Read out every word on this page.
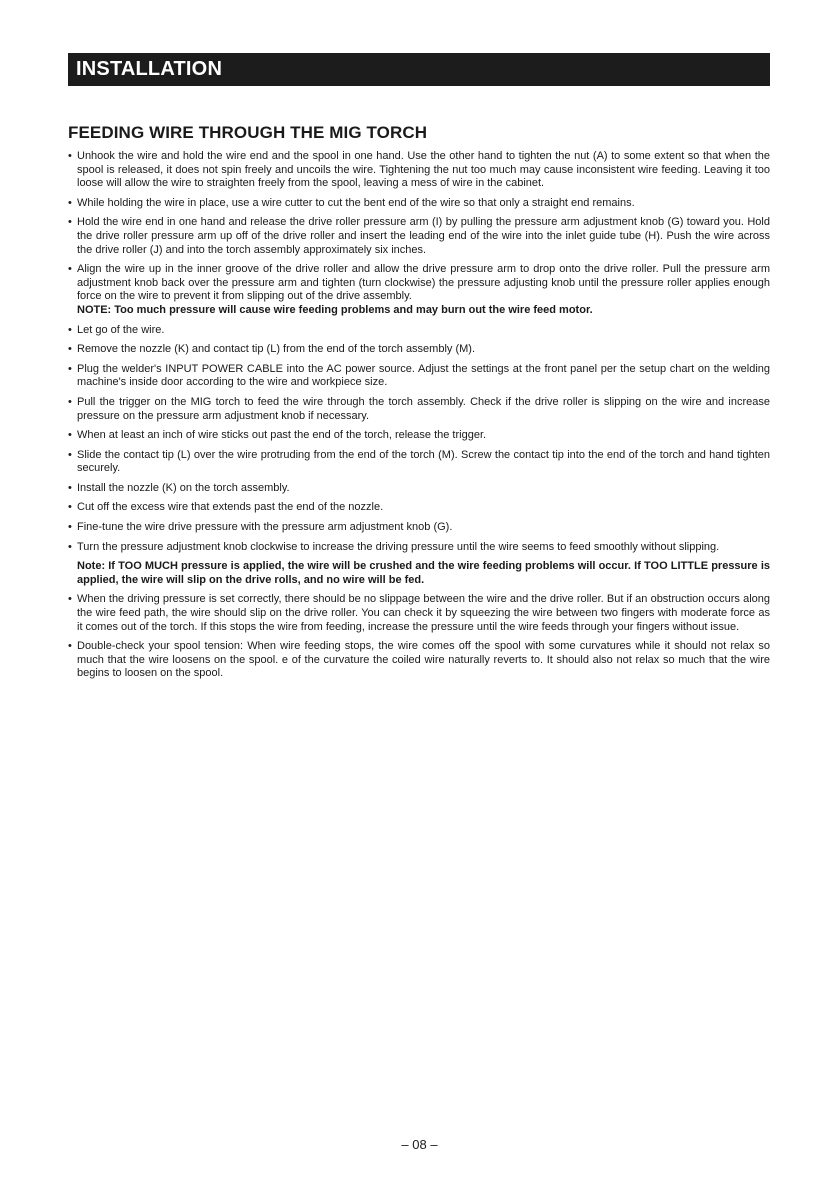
INSTALLATION
FEEDING WIRE THROUGH THE MIG TORCH

• Unhook the wire and hold the wire end and the spool in one hand. Use the other hand to tighten the nut (A) to some extent so that when the spool is released, it does not spin freely and uncoils the wire. Tightening the nut too much may cause inconsistent wire feeding. Leaving it too loose will allow the wire to straighten freely from the spool, leaving a mess of wire in the cabinet.

• While holding the wire in place, use a wire cutter to cut the bent end of the wire so that only a straight end remains.

• Hold the wire end in one hand and release the drive roller pressure arm (I) by pulling the pressure arm adjustment knob (G) toward you. Hold the drive roller pressure arm up off of the drive roller and insert the leading end of the wire into the inlet guide tube (H). Push the wire across the drive roller (J) and into the torch assembly approximately six inches.

• Align the wire up in the inner groove of the drive roller and allow the drive pressure arm to drop onto the drive roller. Pull the pressure arm adjustment knob back over the pressure arm and tighten (turn clockwise) the pressure adjusting knob until the pressure roller applies enough force on the wire to prevent it from slipping out of the drive assembly.

NOTE: Too much pressure will cause wire feeding problems and may burn out the wire feed motor.

• Let go of the wire.

• Remove the nozzle (K) and contact tip (L) from the end of the torch assembly (M).

• Plug the welder's INPUT POWER CABLE into the AC power source. Adjust the settings at the front panel per the setup chart on the welding machine's inside door according to the wire and workpiece size.

• Pull the trigger on the MIG torch to feed the wire through the torch assembly. Check if the drive roller is slipping on the wire and increase pressure on the pressure arm adjustment knob if necessary.

• When at least an inch of wire sticks out past the end of the torch, release the trigger.

• Slide the contact tip (L) over the wire protruding from the end of the torch (M). Screw the contact tip into the end of the torch and hand tighten securely.

• Install the nozzle (K) on the torch assembly.

• Cut off the excess wire that extends past the end of the nozzle.

• Fine-tune the wire drive pressure with the pressure arm adjustment knob (G).

• Turn the pressure adjustment knob clockwise to increase the driving pressure until the wire seems to feed smoothly without slipping.

Note: If TOO MUCH pressure is applied, the wire will be crushed and the wire feeding problems will occur. If TOO LITTLE pressure is applied, the wire will slip on the drive rolls, and no wire will be fed.

• When the driving pressure is set correctly, there should be no slippage between the wire and the drive roller. But if an obstruction occurs along the wire feed path, the wire should slip on the drive roller. You can check it by squeezing the wire between two fingers with moderate force as it comes out of the torch. If this stops the wire from feeding, increase the pressure until the wire feeds through your fingers without issue.

• Double-check your spool tension: When wire feeding stops, the wire comes off the spool with some curvatures while it should not relax so much that the wire loosens on the spool. e of the curvature the coiled wire naturally reverts to. It should also not relax so much that the wire begins to loosen on the spool.

– 08 –
